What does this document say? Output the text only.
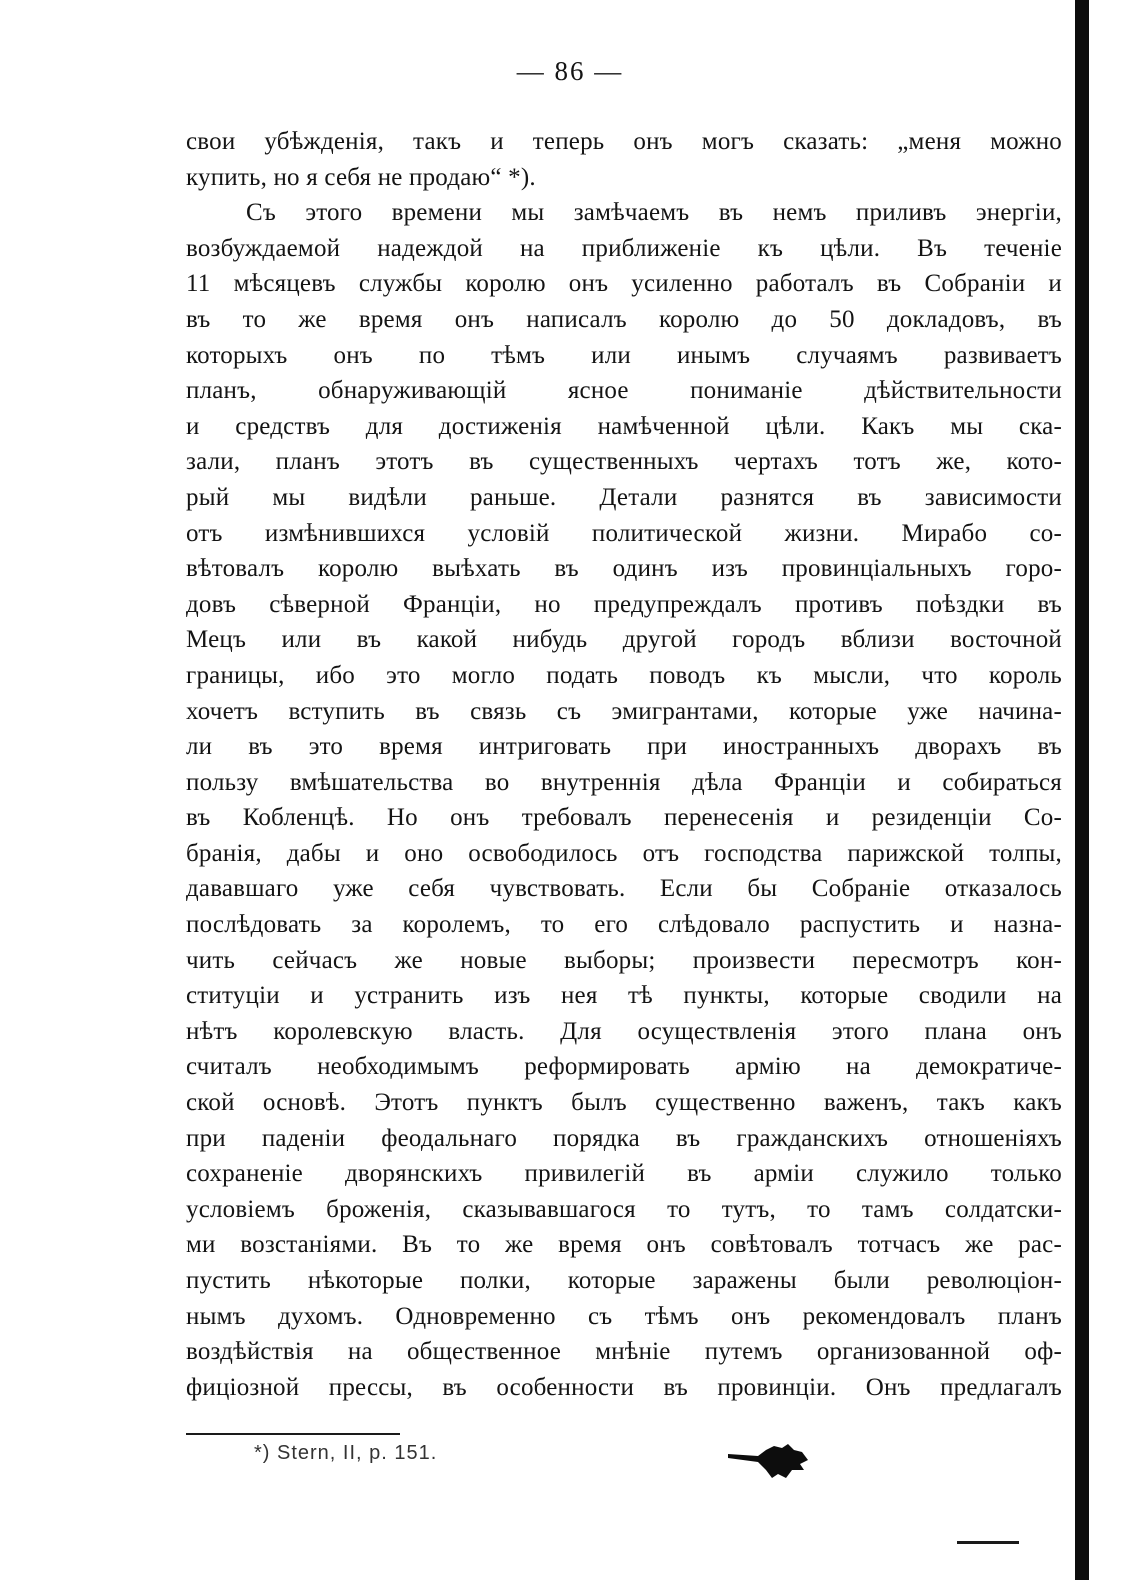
— 86 —
свои убѣжденія, такъ и теперь онъ могъ сказать: „меня можно
купить, но я себя не продаю“ *).
Съ этого времени мы замѣчаемъ въ немъ приливъ энергіи,
возбуждаемой надеждой на приближеніе къ цѣли. Въ теченіе
11 мѣсяцевъ службы королю онъ усиленно работалъ въ Собраніи и
въ то же время онъ написалъ королю до 50 докладовъ, въ
которыхъ онъ по тѣмъ или инымъ случаямъ развиваетъ
планъ, обнаруживающій ясное пониманіе дѣйствительности
и средствъ для достиженія намѣченной цѣли. Какъ мы ска-
зали, планъ этотъ въ существенныхъ чертахъ тотъ же, кото-
рый мы видѣли раньше. Детали разнятся въ зависимости
отъ измѣнившихся условій политической жизни. Мирабо со-
вѣтовалъ королю выѣхать въ одинъ изъ провинціальныхъ горо-
довъ сѣверной Франціи, но предупреждалъ противъ поѣздки въ
Мецъ или въ какой нибудь другой городъ вблизи восточной
границы, ибо это могло подать поводъ къ мысли, что король
хочетъ вступить въ связь съ эмигрантами, которые уже начина-
ли въ это время интриговать при иностранныхъ дворахъ въ
пользу вмѣшательства во внутреннія дѣла Франціи и собираться
въ Кобленцѣ. Но онъ требовалъ перенесенія и резиденціи Со-
бранія, дабы и оно освободилось отъ господства парижской толпы,
дававшаго уже себя чувствовать. Если бы Собраніе отказалось
послѣдовать за королемъ, то его слѣдовало распустить и назна-
чить сейчасъ же новые выборы; произвести пересмотръ кон-
ституціи и устранить изъ нея тѣ пункты, которые сводили на
нѣтъ королевскую власть. Для осуществленія этого плана онъ
считалъ необходимымъ реформировать армію на демократиче-
ской основѣ. Этотъ пунктъ былъ существенно важенъ, такъ какъ
при паденіи феодальнаго порядка въ гражданскихъ отношеніяхъ
сохраненіе дворянскихъ привилегій въ арміи служило только
условіемъ броженія, сказывавшагося то тутъ, то тамъ солдатски-
ми возстаніями. Въ то же время онъ совѣтовалъ тотчасъ же рас-
пустить нѣкоторые полки, которые заражены были революціон-
нымъ духомъ. Одновременно съ тѣмъ онъ рекомендовалъ планъ
воздѣйствія на общественное мнѣніе путемъ организованной оф-
фиціозной прессы, въ особенности въ провинціи. Онъ предлагалъ
*) Stern, II, p. 151.
